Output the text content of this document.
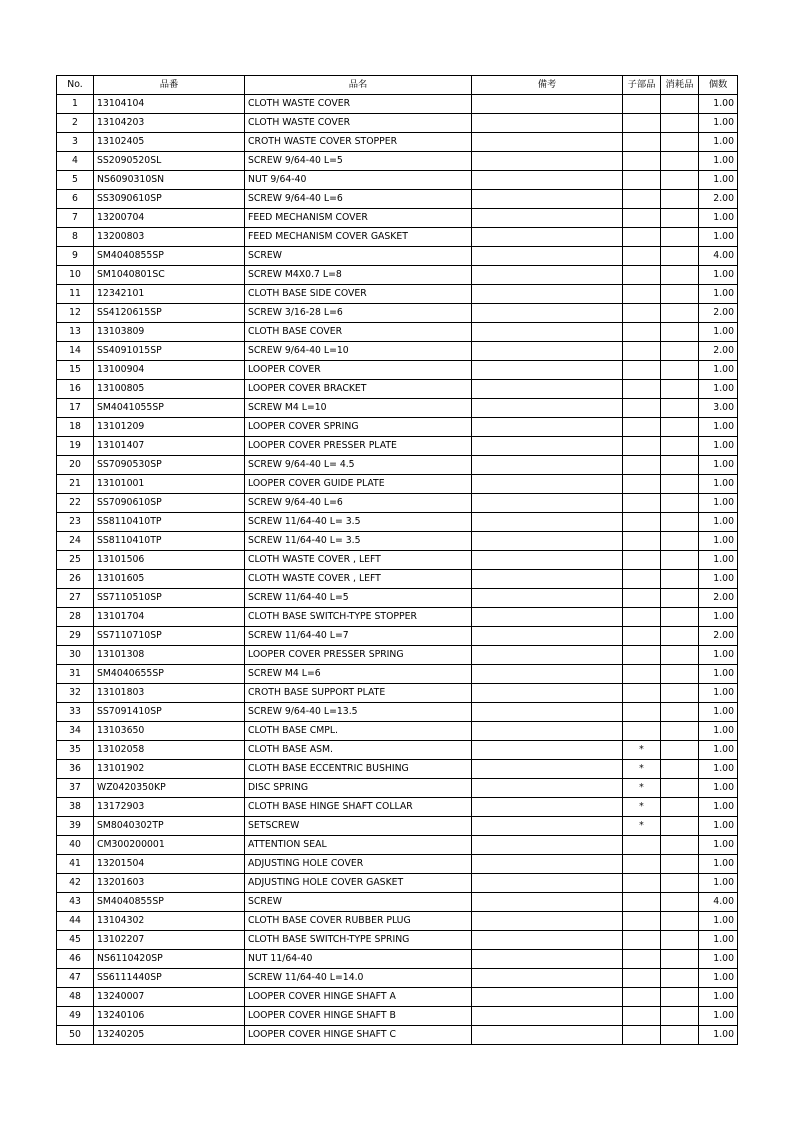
No.	品番	品名	備考	子部品	消耗品	個数
1	13104104	CLOTH WASTE COVER				1.00
2	13104203	CLOTH WASTE COVER				1.00
3	13102405	CROTH WASTE COVER STOPPER				1.00
4	SS2090520SL	SCREW 9/64-40 L=5				1.00
5	NS6090310SN	NUT 9/64-40				1.00
6	SS3090610SP	SCREW 9/64-40 L=6				2.00
7	13200704	FEED MECHANISM COVER				1.00
8	13200803	FEED MECHANISM COVER GASKET				1.00
9	SM4040855SP	SCREW				4.00
10	SM1040801SC	SCREW M4X0.7 L=8				1.00
11	12342101	CLOTH BASE SIDE COVER				1.00
12	SS4120615SP	SCREW 3/16-28 L=6				2.00
13	13103809	CLOTH BASE COVER				1.00
14	SS4091015SP	SCREW 9/64-40 L=10				2.00
15	13100904	LOOPER COVER				1.00
16	13100805	LOOPER COVER BRACKET				1.00
17	SM4041055SP	SCREW M4 L=10				3.00
18	13101209	LOOPER COVER SPRING				1.00
19	13101407	LOOPER COVER PRESSER PLATE				1.00
20	SS7090530SP	SCREW 9/64-40 L= 4.5				1.00
21	13101001	LOOPER COVER GUIDE PLATE				1.00
22	SS7090610SP	SCREW 9/64-40 L=6				1.00
23	SS8110410TP	SCREW 11/64-40 L= 3.5				1.00
24	SS8110410TP	SCREW 11/64-40 L= 3.5				1.00
25	13101506	CLOTH WASTE COVER , LEFT				1.00
26	13101605	CLOTH WASTE COVER , LEFT				1.00
27	SS7110510SP	SCREW 11/64-40 L=5				2.00
28	13101704	CLOTH BASE SWITCH-TYPE STOPPER				1.00
29	SS7110710SP	SCREW 11/64-40 L=7				2.00
30	13101308	LOOPER COVER PRESSER SPRING				1.00
31	SM4040655SP	SCREW M4 L=6				1.00
32	13101803	CROTH BASE SUPPORT PLATE				1.00
33	SS7091410SP	SCREW 9/64-40 L=13.5				1.00
34	13103650	CLOTH BASE CMPL.				1.00
35	13102058	CLOTH BASE ASM.		*		1.00
36	13101902	CLOTH BASE ECCENTRIC BUSHING		*		1.00
37	WZ0420350KP	DISC SPRING		*		1.00
38	13172903	CLOTH BASE HINGE SHAFT COLLAR		*		1.00
39	SM8040302TP	SETSCREW		*		1.00
40	CM300200001	ATTENTION SEAL				1.00
41	13201504	ADJUSTING HOLE COVER				1.00
42	13201603	ADJUSTING HOLE COVER GASKET				1.00
43	SM4040855SP	SCREW				4.00
44	13104302	CLOTH BASE COVER RUBBER PLUG				1.00
45	13102207	CLOTH BASE SWITCH-TYPE SPRING				1.00
46	NS6110420SP	NUT 11/64-40				1.00
47	SS6111440SP	SCREW 11/64-40 L=14.0				1.00
48	13240007	LOOPER COVER HINGE SHAFT A				1.00
49	13240106	LOOPER COVER HINGE SHAFT B				1.00
50	13240205	LOOPER COVER HINGE SHAFT C				1.00
